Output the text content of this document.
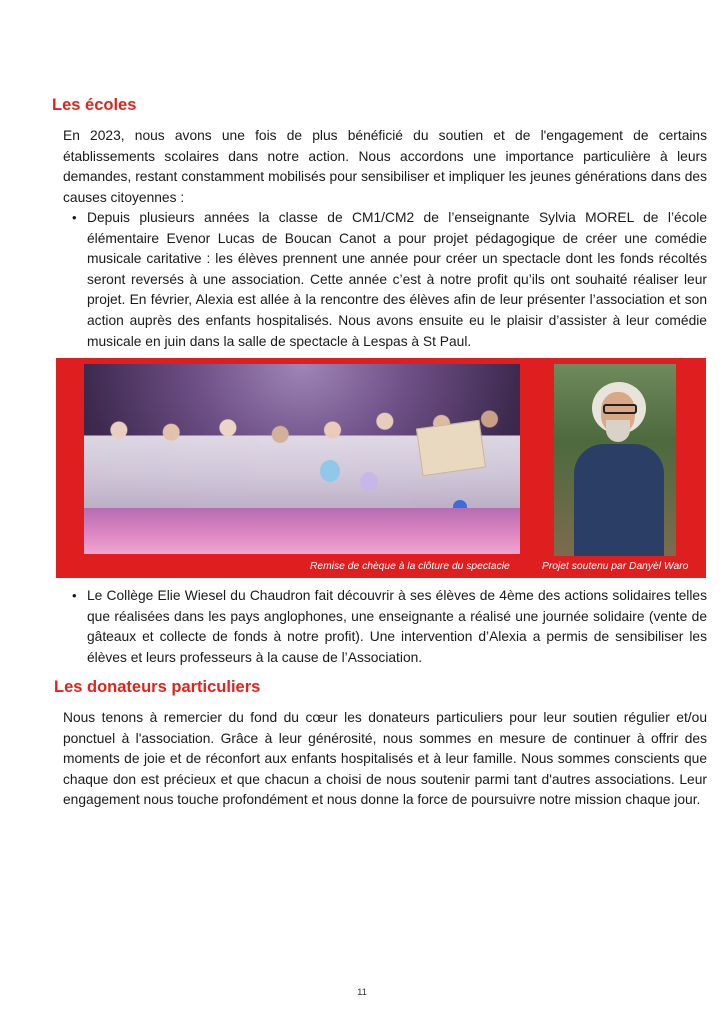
Les écoles

En 2023, nous avons une fois de plus bénéficié du soutien et de l'engagement de certains établissements scolaires dans notre action. Nous accordons une importance particulière à leurs demandes, restant constamment mobilisés pour sensibiliser et impliquer les jeunes générations dans des causes citoyennes :

• Depuis plusieurs années la classe de CM1/CM2 de l’enseignante Sylvia MOREL de l’école élémentaire Evenor Lucas de Boucan Canot a pour projet pédagogique de créer une comédie musicale caritative : les élèves prennent une année pour créer un spectacle dont les fonds récoltés seront reversés à une association. Cette année c’est à notre profit qu’ils ont souhaité réaliser leur projet. En février, Alexia est allée à la rencontre des élèves afin de leur présenter l’association et son action auprès des enfants hospitalisés. Nous avons ensuite eu le plaisir d’assister à leur comédie musicale en juin dans la salle de spectacle à Lespas à St Paul.
Remise de chèque à la clôture du spectacle	Projet soutenu par Danyèl Waro
• Le Collège Elie Wiesel du Chaudron fait découvrir à ses élèves de 4ème des actions solidaires telles que réalisées dans les pays anglophones, une enseignante a réalisé une journée solidaire (vente de gâteaux et collecte de fonds à notre profit). Une intervention d’Alexia a permis de sensibiliser les élèves et leurs professeurs à la cause de l’Association.
Les donateurs particuliers

Nous tenons à remercier du fond du cœur les donateurs particuliers pour leur soutien régulier et/ou ponctuel à l'association. Grâce à leur générosité, nous sommes en mesure de continuer à offrir des moments de joie et de réconfort aux enfants hospitalisés et à leur famille. Nous sommes conscients que chaque don est précieux et que chacun a choisi de nous soutenir parmi tant d'autres associations. Leur engagement nous touche profondément et nous donne la force de poursuivre notre mission chaque jour.

11
